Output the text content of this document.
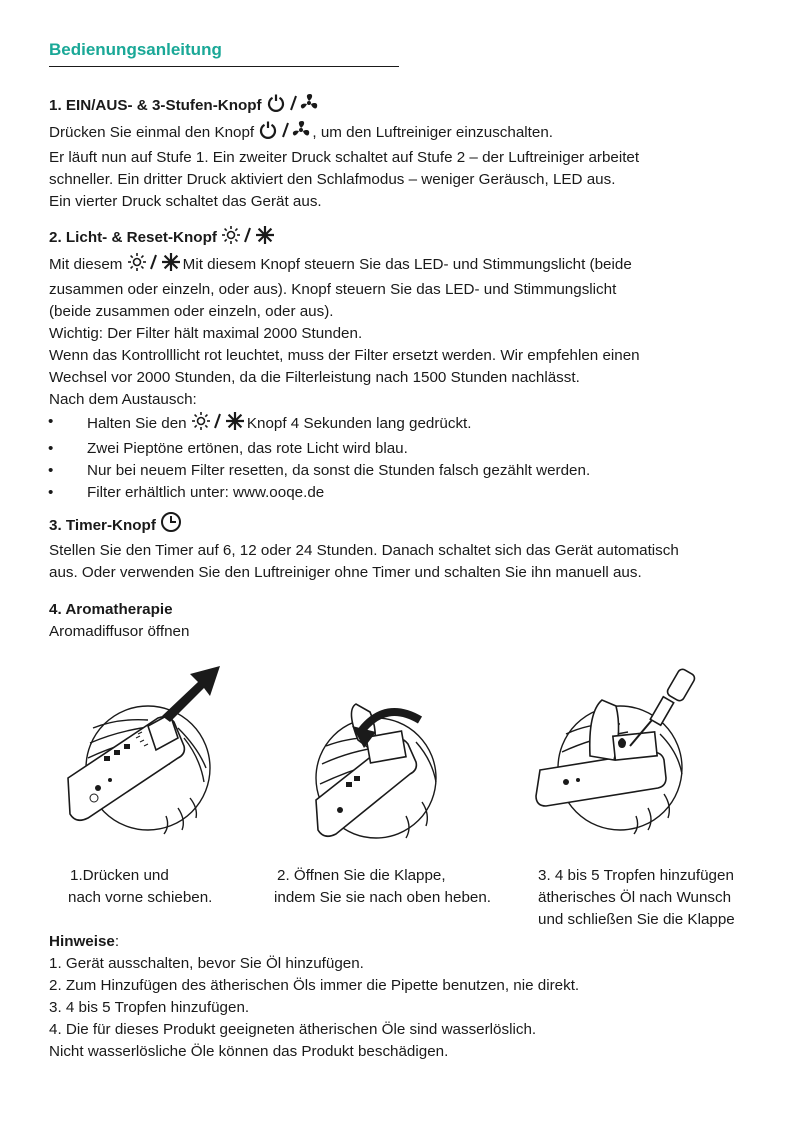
Bedienungsanleitung

1. EIN/AUS- & 3-Stufen-Knopf

Drücken Sie einmal den Knopf	, um den Luftreiniger einzuschalten.

Er läuft nun auf Stufe 1. Ein zweiter Druck schaltet auf Stufe 2 – der Luftreiniger arbeitet

schneller. Ein dritter Druck aktiviert den Schlafmodus – weniger Geräusch, LED aus.

Ein vierter Druck schaltet das Gerät aus.

2. Licht- & Reset-Knopf

Mit diesem	Mit diesem Knopf steuern Sie das LED- und Stimmungslicht (beide

zusammen oder einzeln, oder aus). Knopf steuern Sie das LED- und Stimmungslicht

(beide zusammen oder einzeln, oder aus).

Wichtig: Der Filter hält maximal 2000 Stunden.

Wenn das Kontrolllicht rot leuchtet, muss der Filter ersetzt werden. Wir empfehlen einen

Wechsel vor 2000 Stunden, da die Filterleistung nach 1500 Stunden nachlässt.

Nach dem Austausch:

• Halten Sie den	Knopf 4 Sekunden lang gedrückt.
• Zwei Pieptöne ertönen, das rote Licht wird blau.
• Nur bei neuem Filter resetten, da sonst die Stunden falsch gezählt werden.
• Filter erhältlich unter: www.ooqe.de

3. Timer-Knopf

Stellen Sie den Timer auf 6, 12 oder 24 Stunden. Danach schaltet sich das Gerät automatisch

aus. Oder verwenden Sie den Luftreiniger ohne Timer und schalten Sie ihn manuell aus.

4. Aromatherapie

Aromadiffusor öffnen

1.Drücken und
nach vorne schieben.
2. Öffnen Sie die Klappe,
indem Sie sie nach oben heben.
3. 4 bis 5 Tropfen hinzufügen
ätherisches Öl nach Wunsch
und schließen Sie die Klappe

Hinweise:

1. Gerät ausschalten, bevor Sie Öl hinzufügen.

2. Zum Hinzufügen des ätherischen Öls immer die Pipette benutzen, nie direkt.

3. 4 bis 5 Tropfen hinzufügen.

4. Die für dieses Produkt geeigneten ätherischen Öle sind wasserlöslich.

Nicht wasserlösliche Öle können das Produkt beschädigen.
